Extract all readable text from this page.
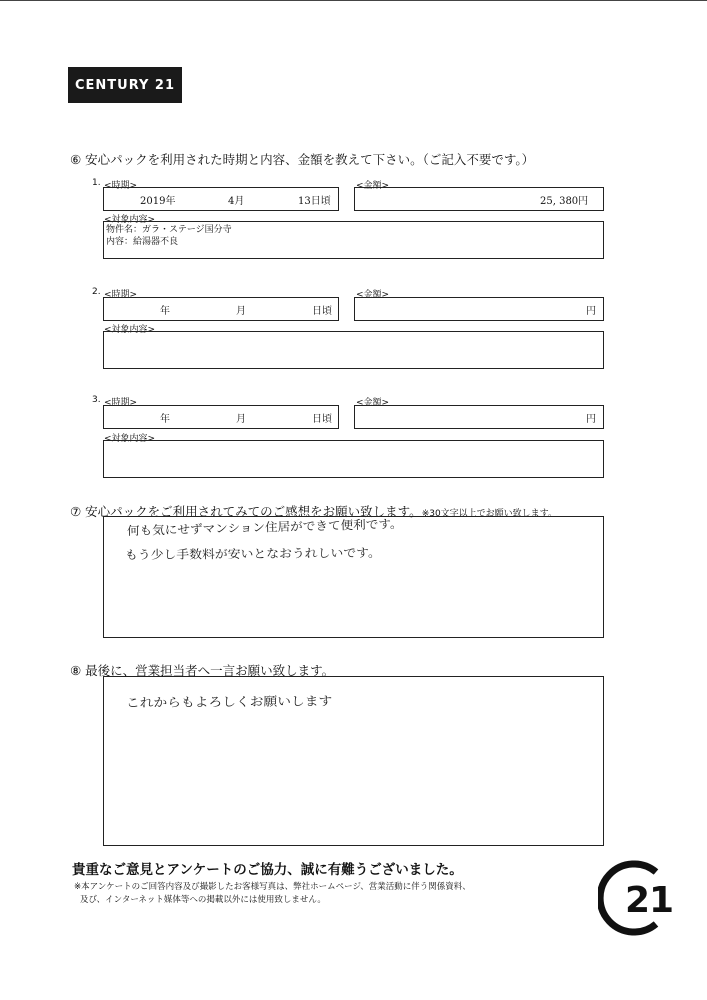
CENTURY 21
⑥ 安心パックを利用された時期と内容、金額を教えて下さい。（ご記入不要です。）
1. <時期>	<金額>
2019年	4月	13日頃	25, 380円
<対象内容>
物件名：ガラ・ステージ国分寺
内容：給湯器不良
2. <時期>	<金額>
年	月	日頃	円
<対象内容>
3. <時期>	<金額>
年	月	日頃	円
<対象内容>
⑦ 安心パックをご利用されてみてのご感想をお願い致します。※30文字以上でお願い致します。
何も気にせずマンション住居ができて便利です。
もう少し手数料が安いとなおうれしいです。
⑧ 最後に、営業担当者へ一言お願い致します。
これからもよろしくお願いします
貴重なご意見とアンケートのご協力、誠に有難うございました。
※本アンケートのご回答内容及び撮影したお客様写真は、弊社ホームページ、営業活動に伴う関係資料、
及び、インターネット媒体等への掲載以外には使用致しません。	21
